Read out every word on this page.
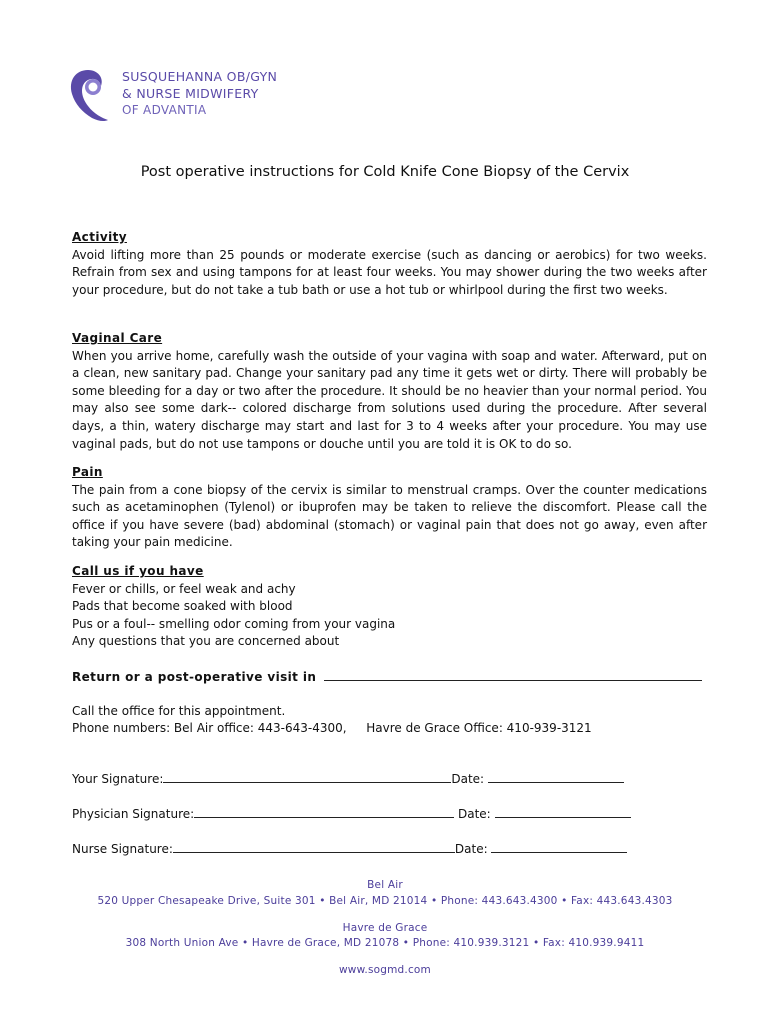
SUSQUEHANNA OB/GYN
& NURSE MIDWIFERY
OF ADVANTIA
Post operative instructions for Cold Knife Cone Biopsy of the Cervix
Activity
Avoid lifting more than 25 pounds or moderate exercise (such as dancing or aerobics) for two weeks. Refrain from sex and using tampons for at least four weeks. You may shower during the two weeks after your procedure, but do not take a tub bath or use a hot tub or whirlpool during the first two weeks.
Vaginal Care
When you arrive home, carefully wash the outside of your vagina with soap and water. Afterward, put on a clean, new sanitary pad. Change your sanitary pad any time it gets wet or dirty. There will probably be some bleeding for a day or two after the procedure. It should be no heavier than your normal period. You may also see some dark-- colored discharge from solutions used during the procedure. After several days, a thin, watery discharge may start and last for 3 to 4 weeks after your procedure. You may use vaginal pads, but do not use tampons or douche until you are told it is OK to do so.
Pain
The pain from a cone biopsy of the cervix is similar to menstrual cramps. Over the counter medications such as acetaminophen (Tylenol) or ibuprofen may be taken to relieve the discomfort. Please call the office if you have severe (bad) abdominal (stomach) or vaginal pain that does not go away, even after taking your pain medicine.
Call us if you have
Fever or chills, or feel weak and achy
Pads that become soaked with blood
Pus or a foul-- smelling odor coming from your vagina
Any questions that you are concerned about
Return or a post-operative visit in
Call the office for this appointment.
Phone numbers: Bel Air office: 443-643-4300, Havre de Grace Office: 410-939-3121
Your Signature:	Date:
Physician Signature:	Date:
Nurse Signature:	Date:
Bel Air
520 Upper Chesapeake Drive, Suite 301 • Bel Air, MD 21014 • Phone: 443.643.4300 • Fax: 443.643.4303
Havre de Grace
308 North Union Ave • Havre de Grace, MD 21078 • Phone: 410.939.3121 • Fax: 410.939.9411
www.sogmd.com
